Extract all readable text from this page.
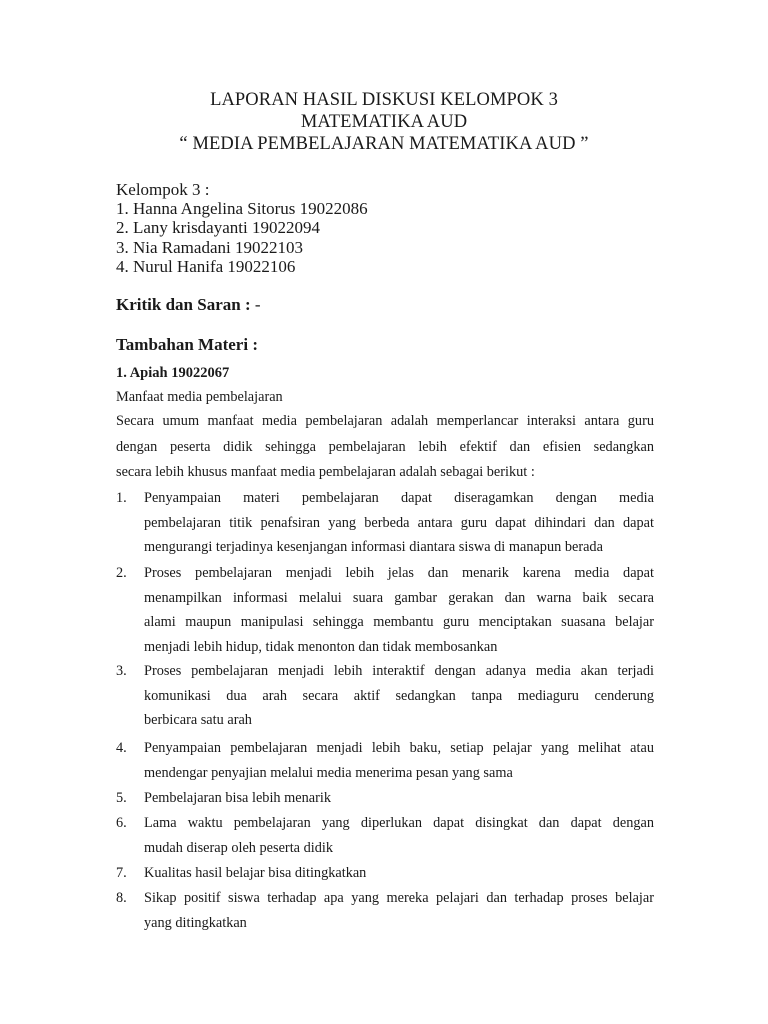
LAPORAN HASIL DISKUSI KELOMPOK 3
MATEMATIKA AUD
“ MEDIA PEMBELAJARAN MATEMATIKA AUD ”
Kelompok 3 :
1. Hanna Angelina Sitorus 19022086
2. Lany krisdayanti 19022094
3. Nia Ramadani 19022103
4. Nurul Hanifa 19022106
Kritik dan Saran : -
Tambahan Materi :
1. Apiah 19022067
Manfaat media pembelajaran
Secara umum manfaat media pembelajaran adalah memperlancar interaksi antara guru
dengan peserta didik sehingga pembelajaran lebih efektif dan efisien sedangkan
secara lebih khusus manfaat media pembelajaran adalah sebagai berikut :
1.	Penyampaian materi pembelajaran dapat diseragamkan dengan media
pembelajaran titik penafsiran yang berbeda antara guru dapat dihindari dan dapat
mengurangi terjadinya kesenjangan informasi diantara siswa di manapun berada
2.	Proses pembelajaran menjadi lebih jelas dan menarik karena media dapat
menampilkan informasi melalui suara gambar gerakan dan warna baik secara
alami maupun manipulasi sehingga membantu guru menciptakan suasana belajar
menjadi lebih hidup, tidak menonton dan tidak membosankan
3.	Proses pembelajaran menjadi lebih interaktif dengan adanya media akan terjadi
komunikasi dua arah secara aktif sedangkan tanpa mediaguru cenderung
berbicara satu arah
4.	Penyampaian pembelajaran menjadi lebih baku, setiap pelajar yang melihat atau
mendengar penyajian melalui media menerima pesan yang sama
5.	Pembelajaran bisa lebih menarik
6.	Lama waktu pembelajaran yang diperlukan dapat disingkat dan dapat dengan
mudah diserap oleh peserta didik
7.	Kualitas hasil belajar bisa ditingkatkan
8.	Sikap positif siswa terhadap apa yang mereka pelajari dan terhadap proses belajar
yang ditingkatkan
